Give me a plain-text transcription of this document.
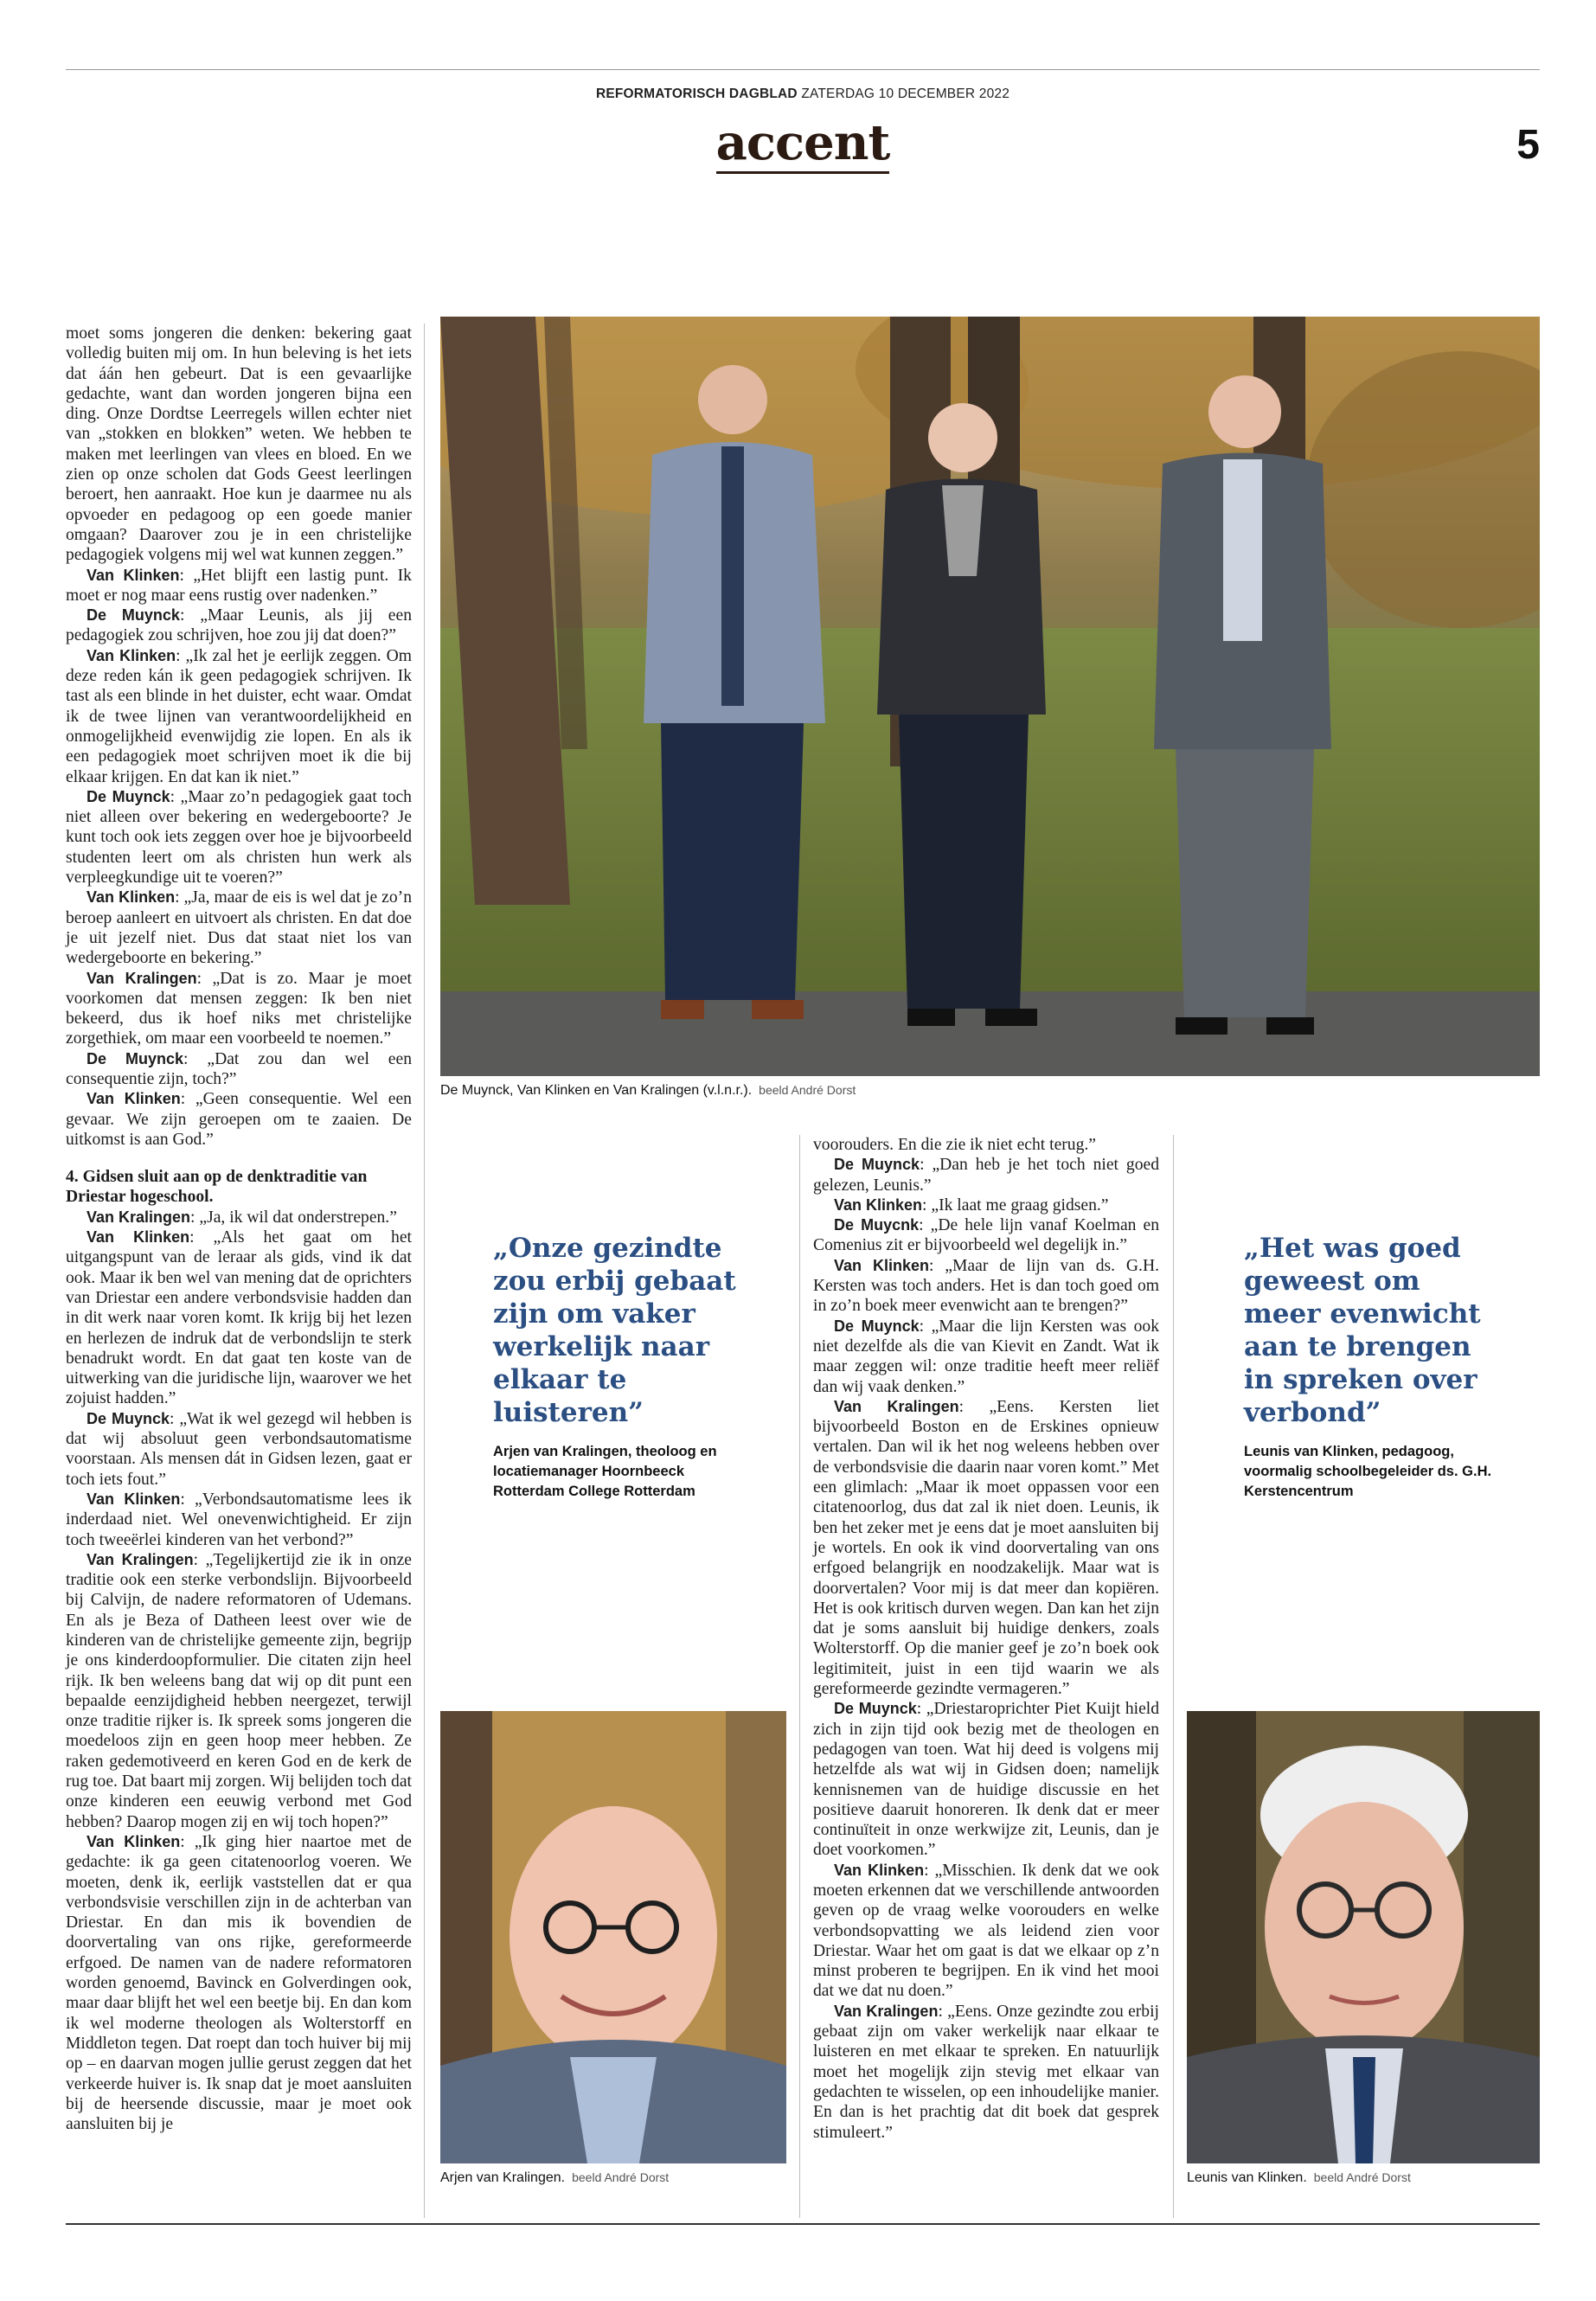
REFORMATORISCH DAGBLAD ZATERDAG 10 DECEMBER 2022
accent	5

moet soms jongeren die denken: bekering gaat volledig buiten mij om. In hun beleving is het iets dat áán hen gebeurt. Dat is een gevaarlijke gedachte, want dan worden jongeren bijna een ding. Onze Dordtse Leerregels willen echter niet van „stokken en blokken” weten. We hebben te maken met leerlingen van vlees en bloed. En we zien op onze scholen dat Gods Geest leerlingen beroert, hen aanraakt. Hoe kun je daarmee nu als opvoeder en pedagoog op een goede manier omgaan? Daarover zou je in een christelijke pedagogiek volgens mij wel wat kunnen zeggen.”

Van Klinken: „Het blijft een lastig punt. Ik moet er nog maar eens rustig over nadenken.”

De Muynck: „Maar Leunis, als jij een pedagogiek zou schrijven, hoe zou jij dat doen?”

Van Klinken: „Ik zal het je eerlijk zeggen. Om deze reden kán ik geen pedagogiek schrijven. Ik tast als een blinde in het duister, echt waar. Omdat ik de twee lijnen van verantwoordelijkheid en onmogelijkheid evenwijdig zie lopen. En als ik een pedagogiek moet schrijven moet ik die bij elkaar krijgen. En dat kan ik niet.”

De Muynck: „Maar zo’n pedagogiek gaat toch niet alleen over bekering en wedergeboorte? Je kunt toch ook iets zeggen over hoe je bijvoorbeeld studenten leert om als christen hun werk als verpleegkundige uit te voeren?”

Van Klinken: „Ja, maar de eis is wel dat je zo’n beroep aanleert en uitvoert als christen. En dat doe je uit jezelf niet. Dus dat staat niet los van wedergeboorte en bekering.”

Van Kralingen: „Dat is zo. Maar je moet voorkomen dat mensen zeggen: Ik ben niet bekeerd, dus ik hoef niks met christelijke zorgethiek, om maar een voorbeeld te noemen.”

De Muynck: „Dat zou dan wel een consequentie zijn, toch?”

Van Klinken: „Geen consequentie. Wel een gevaar. We zijn geroepen om te zaaien. De uitkomst is aan God.”

4. Gidsen sluit aan op de denktraditie van Driestar hogeschool.

Van Kralingen: „Ja, ik wil dat onderstrepen.”

Van Klinken: „Als het gaat om het uitgangspunt van de leraar als gids, vind ik dat ook. Maar ik ben wel van mening dat de oprichters van Driestar een andere verbondsvisie hadden dan in dit werk naar voren komt. Ik krijg bij het lezen en herlezen de indruk dat de verbondslijn te sterk benadrukt wordt. En dat gaat ten koste van de uitwerking van die juridische lijn, waarover we het zojuist hadden.”

De Muynck: „Wat ik wel gezegd wil hebben is dat wij absoluut geen verbondsautomatisme voorstaan. Als mensen dát in Gidsen lezen, gaat er toch iets fout.”

Van Klinken: „Verbondsautomatisme lees ik inderdaad niet. Wel onevenwichtigheid. Er zijn toch tweeërlei kinderen van het verbond?”

Van Kralingen: „Tegelijkertijd zie ik in onze traditie ook een sterke verbondslijn. Bijvoorbeeld bij Calvijn, de nadere reformatoren of Udemans. En als je Beza of Datheen leest over wie de kinderen van de christelijke gemeente zijn, begrijp je ons kinderdoopformulier. Die citaten zijn heel rijk. Ik ben weleens bang dat wij op dit punt een bepaalde eenzijdigheid hebben neergezet, terwijl onze traditie rijker is. Ik spreek soms jongeren die moedeloos zijn en geen hoop meer hebben. Ze raken gedemotiveerd en keren God en de kerk de rug toe. Dat baart mij zorgen. Wij belijden toch dat onze kinderen een eeuwig verbond met God hebben? Daarop mogen zij en wij toch hopen?”

Van Klinken: „Ik ging hier naartoe met de gedachte: ik ga geen citatenoorlog voeren. We moeten, denk ik, eerlijk vaststellen dat er qua verbondsvisie verschillen zijn in de achterban van Driestar. En dan mis ik bovendien de doorvertaling van ons rijke, gereformeerde erfgoed. De namen van de nadere reformatoren worden genoemd, Bavinck en Golverdingen ook, maar daar blijft het wel een beetje bij. En dan kom ik wel moderne theologen als Wolterstorff en Middleton tegen. Dat roept dan toch huiver bij mij op – en daarvan mogen jullie gerust zeggen dat het verkeerde huiver is. Ik snap dat je moet aansluiten bij de heersende discussie, maar je moet ook aansluiten bij je

De Muynck, Van Klinken en Van Kralingen (v.l.n.r.). beeld André Dorst
„Onze gezindte zou erbij gebaat zijn om vaker werkelijk naar elkaar te luisteren”
Arjen van Kralingen, theoloog en locatiemanager Hoornbeeck Rotterdam College Rotterdam

voorouders. En die zie ik niet echt terug.”

De Muynck: „Dan heb je het toch niet goed gelezen, Leunis.”

Van Klinken: „Ik laat me graag gidsen.”

De Muycnk: „De hele lijn vanaf Koelman en Comenius zit er bijvoorbeeld wel degelijk in.”

Van Klinken: „Maar de lijn van ds. G.H. Kersten was toch anders. Het is dan toch goed om in zo’n boek meer evenwicht aan te brengen?”

De Muynck: „Maar die lijn Kersten was ook niet dezelfde als die van Kievit en Zandt. Wat ik maar zeggen wil: onze traditie heeft meer reliëf dan wij vaak denken.”

Van Kralingen: „Eens. Kersten liet bijvoorbeeld Boston en de Erskines opnieuw vertalen. Dan wil ik het nog weleens hebben over de verbondsvisie die daarin naar voren komt.” Met een glimlach: „Maar ik moet oppassen voor een citatenoorlog, dus dat zal ik niet doen. Leunis, ik ben het zeker met je eens dat je moet aansluiten bij je wortels. En ook ik vind doorvertaling van ons erfgoed belangrijk en noodzakelijk. Maar wat is doorvertalen? Voor mij is dat meer dan kopiëren. Het is ook kritisch durven wegen. Dan kan het zijn dat je soms aansluit bij huidige denkers, zoals Wolterstorff. Op die manier geef je zo’n boek ook legitimiteit, juist in een tijd waarin we als gereformeerde gezindte vermageren.”

De Muynck: „Driestaroprichter Piet Kuijt hield zich in zijn tijd ook bezig met de theologen en pedagogen van toen. Wat hij deed is volgens mij hetzelfde als wat wij in Gidsen doen; namelijk kennisnemen van de huidige discussie en het positieve daaruit honoreren. Ik denk dat er meer continuïteit in onze werkwijze zit, Leunis, dan je doet voorkomen.”

Van Klinken: „Misschien. Ik denk dat we ook moeten erkennen dat we verschillende antwoorden geven op de vraag welke voorouders en welke verbondsopvatting we als leidend zien voor Driestar. Waar het om gaat is dat we elkaar op z’n minst proberen te begrijpen. En ik vind het mooi dat we dat nu doen.”

Van Kralingen: „Eens. Onze gezindte zou erbij gebaat zijn om vaker werkelijk naar elkaar te luisteren en met elkaar te spreken. En natuurlijk moet het mogelijk zijn stevig met elkaar van gedachten te wisselen, op een inhoudelijke manier. En dan is het prachtig dat dit boek dat gesprek stimuleert.”

„Het was goed geweest om meer evenwicht aan te brengen in spreken over verbond”
Leunis van Klinken, pedagoog, voormalig schoolbegeleider ds. G.H. Kerstencentrum
Arjen van Kralingen. beeld André Dorst	Leunis van Klinken. beeld André Dorst
